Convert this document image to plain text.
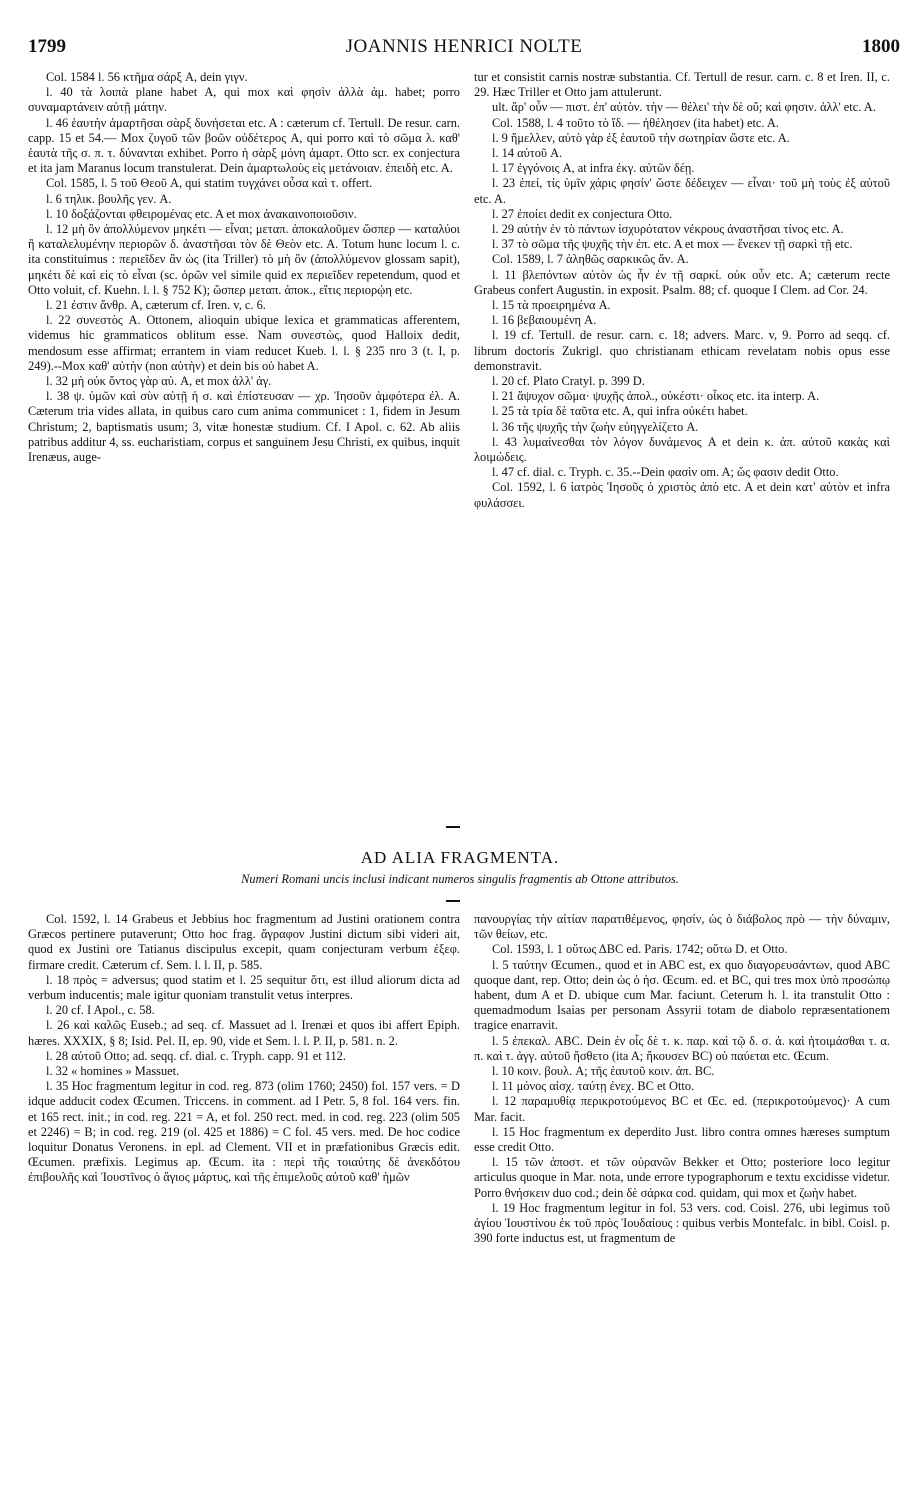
1799	JOANNIS HENRICI NOLTE	1800

Col. 1584 l. 56 κτῆμα σάρξ A, dein γιγν.

l. 40 τὰ λοιπὰ plane habet A, qui mox καὶ φησὶν ἀλλὰ ἀμ. habet; porro συναμαρτάνειν αὐτῇ μάτην.

l. 46 ἑαυτὴν ἁμαρτῆσαι σὰρξ δυνήσεται etc. A : cæterum cf. Tertull. De resur. carn. capp. 15 et 54.— Mox ζυγοῦ τῶν βοῶν οὐδέτερος A, qui porro καὶ τὸ σῶμα λ. καθ' ἑαυτὰ τῆς σ. π. τ. δύνανται exhibet. Porro ἡ σὰρξ μόνη ἁμαρτ. Otto scr. ex conjectura et ita jam Maranus locum transtulerat. Dein ἁμαρτωλοὺς εἰς μετάνοιαν. ἐπειδὴ etc. A.

Col. 1585, l. 5 τοῦ Θεοῦ A, qui statim τυγχάνει οὖσα καὶ τ. offert.

l. 6 τηλικ. βουλῆς γεν. A.

l. 10 δοξάζονται φθειρομένας etc. A et mox ἀνακαινοποιοῦσιν.

l. 12 μὴ ὂν ἀπολλύμενον μηκέτι — εἶναι; μεταπ. ἀποκαλοῦμεν ὥσπερ — καταλύοι ἢ καταλελυμένην περιορῶν δ. ἀναστῆσαι τὸν δὲ Θεὸν etc. A. Totum hunc locum l. c. ita constituimus : περιεῖδεν ἂν ὡς (ita Triller) τὸ μὴ ὂν (ἀπολλύμενον glossam sapit), μηκέτι δὲ καὶ εἰς τὸ εἶναι (sc. ὁρῶν vel simile quid ex περιεῖδεν repetendum, quod et Otto voluit, cf. Kuehn. l. l. § 752 K); ὥσπερ μεταπ. ἀποκ., εἴτις περιορῴη etc.

l. 21 ἐστιν ἄνθρ. A, cæterum cf. Iren. v, c. 6.

l. 22 συνεστὸς A. Ottonem, alioquin ubique lexica et grammaticas afferentem, videmus hic grammaticos oblitum esse. Nam συνεστὼς, quod Halloix dedit, mendosum esse affirmat; errantem in viam reducet Kueb. l. l. § 235 nro 3 (t. I, p. 249).--Mox καθ' αὐτὴν (non αὑτὴν) et dein bis οὐ habet A.

l. 32 μὴ οὐκ ὄντος γὰρ αὐ. A, et mox ἀλλ' ἀγ.

l. 38 ψ. ὑμῶν καὶ σὺν αὐτῇ ἡ σ. καὶ ἐπίστευσαν — χρ. Ἰησοῦν ἀμφότερα ἐλ. A. Cæterum tria vides allata, in quibus caro cum anima communicet : 1, fidem in Jesum Christum; 2, baptismatis usum; 3, vitæ honestæ studium. Cf. I Apol. c. 62. Ab aliis patribus additur 4, ss. eucharistiam, corpus et sanguinem Jesu Christi, ex quibus, inquit Irenæus, auge-

tur et consistit carnis nostræ substantia. Cf. Tertull de resur. carn. c. 8 et Iren. II, c. 29. Hæc Triller et Otto jam attulerunt.

ult. ἄρ' οὖν — πιστ. ἐπ' αὐτὸν. τὴν — θέλει' τὴν δὲ οὔ; καὶ φησιν. ἀλλ' etc. A.

Col. 1588, l. 4 τοῦτο τὸ ἴδ. — ἠθέλησεν (ita habet) etc. A.

l. 9 ἤμελλεν, αὐτὸ γὰρ ἐξ ἑαυτοῦ τὴν σωτηρίαν ὥστε etc. A.

l. 14 αὐτοῦ A.

l. 17 ἐγγόνοις A, at infra ἐκγ. αὐτῶν δέῃ.

l. 23 ἐπεί, τίς ὑμῖν χάρις φησίν' ὥστε δέδειχεν — εἶναι· τοῦ μὴ τοὺς ἐξ αὐτοῦ etc. A.

l. 27 ἐποίει dedit ex conjectura Otto.

l. 29 αὐτὴν ἐν τὸ πάντων ἰσχυρότατον νέκρους ἀναστῆσαι τίνος etc. A.

l. 37 τὸ σῶμα τῆς ψυχῆς τὴν ἐπ. etc. A et mox — ἕνεκεν τῇ σαρκὶ τῇ etc.

Col. 1589, l. 7 ἀληθῶς σαρκικῶς ἄν. A.

l. 11 βλεπόντων αὐτὸν ὡς ἦν ἐν τῇ σαρκί. οὐκ οὖν etc. A; cæterum recte Grabeus confert Augustin. in exposit. Psalm. 88; cf. quoque I Clem. ad Cor. 24.

l. 15 τὰ προειρημένα A.

l. 16 βεβαιουμένη A.

l. 19 cf. Tertull. de resur. carn. c. 18; advers. Marc. v, 9. Porro ad seqq. cf. librum doctoris Zukrigl. quo christianam ethicam revelatam nobis opus esse demonstravit.

l. 20 cf. Plato Cratyl. p. 399 D.

l. 21 ἄψυχον σῶμα· ψυχῆς ἀπολ., οὐκέστι· οἶκος etc. ita interp. A.

l. 25 τὰ τρία δὲ ταῦτα etc. A, qui infra οὐκέτι habet.

l. 36 τῆς ψυχῆς τὴν ζωὴν εὐηγγελίζετο A.

l. 43 λυμαίνεσθαι τὸν λόγον δυνάμενος A et dein κ. ἀπ. αὐτοῦ κακὰς καὶ λοιμώδεις.

l. 47 cf. dial. c. Tryph. c. 35.--Dein φασὶν om. A; ὥς φασιν dedit Otto.

Col. 1592, l. 6 ἰατρὸς Ἰησοῦς ὁ χριστὸς ἀπὸ etc. A et dein κατ' αὐτὸν et infra φυλάσσει.

AD ALIA FRAGMENTA.
Numeri Romani uncis inclusi indicant numeros singulis fragmentis ab Ottone attributos.

Col. 1592, l. 14 Grabeus et Jebbius hoc fragmentum ad Justini orationem contra Græcos pertinere putaverunt; Otto hoc frag. ἄγραφον Justini dictum sibi videri ait, quod ex Justini ore Tatianus discipulus excepit, quam conjecturam verbum ἐξεφ. firmare credit. Cæterum cf. Sem. l. l. II, p. 585.

l. 18 πρὸς = adversus; quod statim et l. 25 sequitur ὅτι, est illud aliorum dicta ad verbum inducentis; male igitur quoniam transtulit vetus interpres.

l. 20 cf. I Apol., c. 58.

l. 26 καὶ καλῶς Euseb.; ad seq. cf. Massuet ad l. Irenæi et quos ibi affert Epiph. hæres. XXXIX, § 8; Isid. Pel. II, ep. 90, vide et Sem. l. l. P. II, p. 581. n. 2.

l. 28 αὐτοῦ Otto; ad. seqq. cf. dial. c. Tryph. capp. 91 et 112.

l. 32 « homines » Massuet.

l. 35 Hoc fragmentum legitur in cod. reg. 873 (olim 1760; 2450) fol. 157 vers. = D idque adducit codex Œcumen. Triccens. in comment. ad I Petr. 5, 8 fol. 164 vers. fin. et 165 rect. init.; in cod. reg. 221 = A, et fol. 250 rect. med. in cod. reg. 223 (olim 505 et 2246) = B; in cod. reg. 219 (ol. 425 et 1886) = C fol. 45 vers. med. De hoc codice loquitur Donatus Veronens. in epl. ad Clement. VII et in præfationibus Græcis edit. Œcumen. præfixis. Legimus ap. Œcum. ita : περὶ τῆς τοιαύτης δὲ ἀνεκδότου ἐπιβουλῆς καὶ Ἰουστῖνος ὁ ἅγιος μάρτυς, καὶ τῆς ἐπιμελοῦς αὐτοῦ καθ' ἡμῶν

πανουργίας τὴν αἰτίαν παρατιθέμενος, φησίν, ὡς ὁ διάβολος πρὸ — τὴν δύναμιν, τῶν θείων, etc.

Col. 1593, l. 1 οὕτως ΔBC ed. Paris. 1742; οὕτω D. et Otto.

l. 5 ταύτην Œcumen., quod et in ABC est, ex quo διαγορευσάντων, quod ABC quoque dant, rep. Otto; dein ὡς ὁ ἡσ. Œcum. ed. et BC, qui tres mox ὑπὸ προσώπῳ habent, dum A et D. ubique cum Mar. faciunt. Ceterum h. l. ita transtulit Otto : quemadmodum Isaias per personam Assyrii totam de diabolo repræsentationem tragice enarravit.

l. 5 ἐπεκαλ. ABC. Dein ἐν οἷς δὲ τ. κ. παρ. καὶ τῷ δ. σ. ἀ. καὶ ἡτοιμάσθαι τ. α. π. καὶ τ. ἀγγ. αὐτοῦ ἤσθετο (ita A; ἤκουσεν BC) οὐ παύεται etc. Œcum.

l. 10 κοιν. βουλ. A; τῆς ἑαυτοῦ κοιν. ἀπ. BC.

l. 11 μόνος αἰσχ. ταύτῃ ἐνεχ. BC et Otto.

l. 12 παραμυθίᾳ περικροτούμενος BC et Œc. ed. (περικροτούμενος)· A cum Mar. facit.

l. 15 Hoc fragmentum ex deperdito Just. libro contra omnes hæreses sumptum esse credit Otto.

l. 15 τῶν ἀποστ. et τῶν οὐρανῶν Bekker et Otto; posteriore loco legitur articulus quoque in Mar. nota, unde errore typographorum e textu excidisse videtur. Porro θνήσκειν duo cod.; dein δὲ σάρκα cod. quidam, qui mox et ζωὴν habet.

l. 19 Hoc fragmentum legitur in fol. 53 vers. cod. Coisl. 276, ubi legimus τοῦ ἁγίου Ἰουστίνου ἐκ τοῦ πρὸς Ἰουδαίους : quibus verbis Montefalc. in bibl. Coisl. p. 390 forte inductus est, ut fragmentum de
